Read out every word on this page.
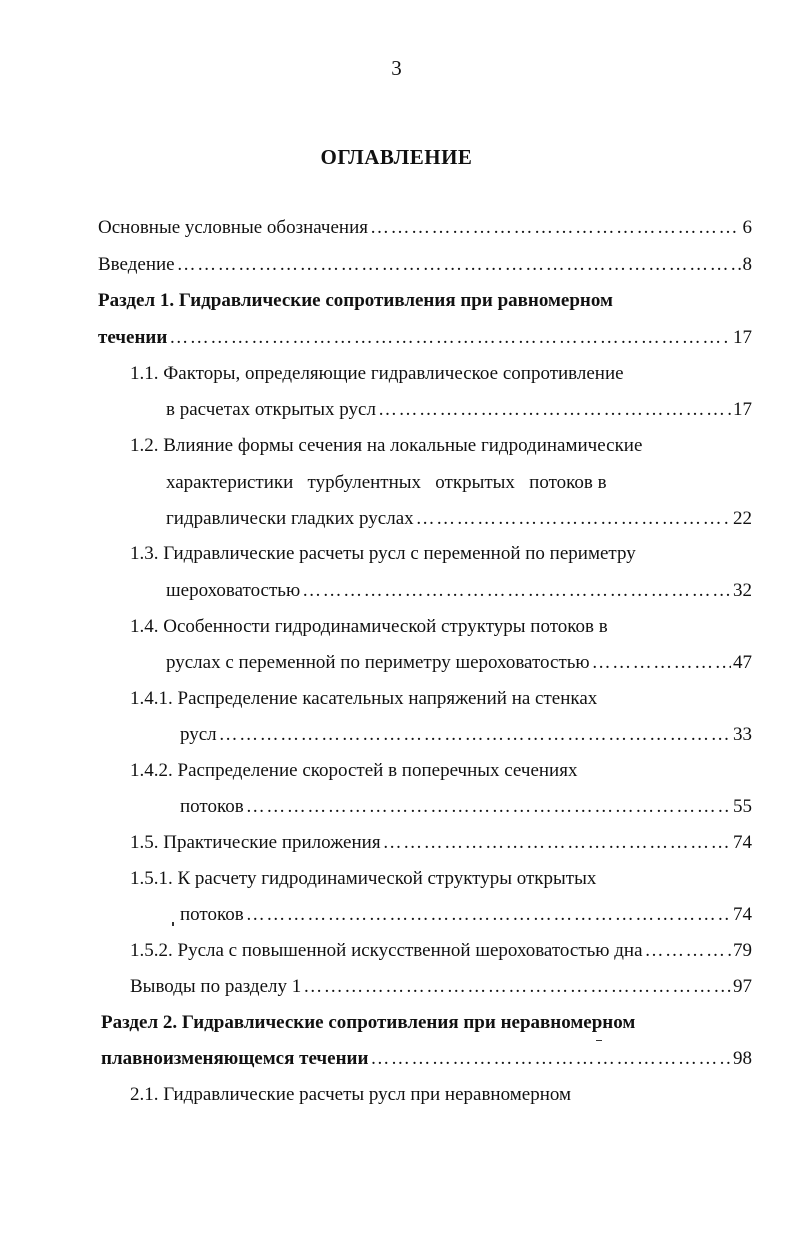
3
ОГЛАВЛЕНИЕ
Основные условные обозначения …………………………………………………………………………………………………………………………………………………………………………………………………………………	6
Введение …………………………………………………………………………………………………………………………………………………………………………………………………………………	8
Раздел 1. Гидравлические сопротивления при равномерном
течении …………………………………………………………………………………………………………………………………………………………………………………………………………………	17
1.1. Факторы, определяющие гидравлическое сопротивление
в расчетах открытых русл …………………………………………………………………………………………………………………………………………………………………………………………………………………	17
1.2. Влияние формы сечения на локальные гидродинамические
характеристики   турбулентных   открытых   потоков в
гидравлически гладких руслах …………………………………………………………………………………………………………………………………………………………………………………………………………………	22
1.3. Гидравлические расчеты русл с переменной по периметру
шероховатостью …………………………………………………………………………………………………………………………………………………………………………………………………………………	32
1.4. Особенности гидродинамической структуры потоков в
руслах с переменной по периметру шероховатостью …………………………………………………………………………………………………………………………………………………………………………………………………………………	47
1.4.1. Распределение касательных напряжений на стенках
русл …………………………………………………………………………………………………………………………………………………………………………………………………………………	33
1.4.2. Распределение скоростей в поперечных сечениях
потоков …………………………………………………………………………………………………………………………………………………………………………………………………………………	55
1.5. Практические приложения …………………………………………………………………………………………………………………………………………………………………………………………………………………	74
1.5.1. К расчету гидродинамической структуры открытых
потоков …………………………………………………………………………………………………………………………………………………………………………………………………………………	74
1.5.2. Русла с повышенной искусственной шероховатостью дна …………………………………………………………………………………………………………………………………………………………………………………………………………………	79
Выводы по разделу 1 …………………………………………………………………………………………………………………………………………………………………………………………………………………	97
Раздел 2. Гидравлические сопротивления при неравномерном
плавноизменяющемся течении …………………………………………………………………………………………………………………………………………………………………………………………………………………	98
2.1. Гидравлические расчеты русл при неравномерном
